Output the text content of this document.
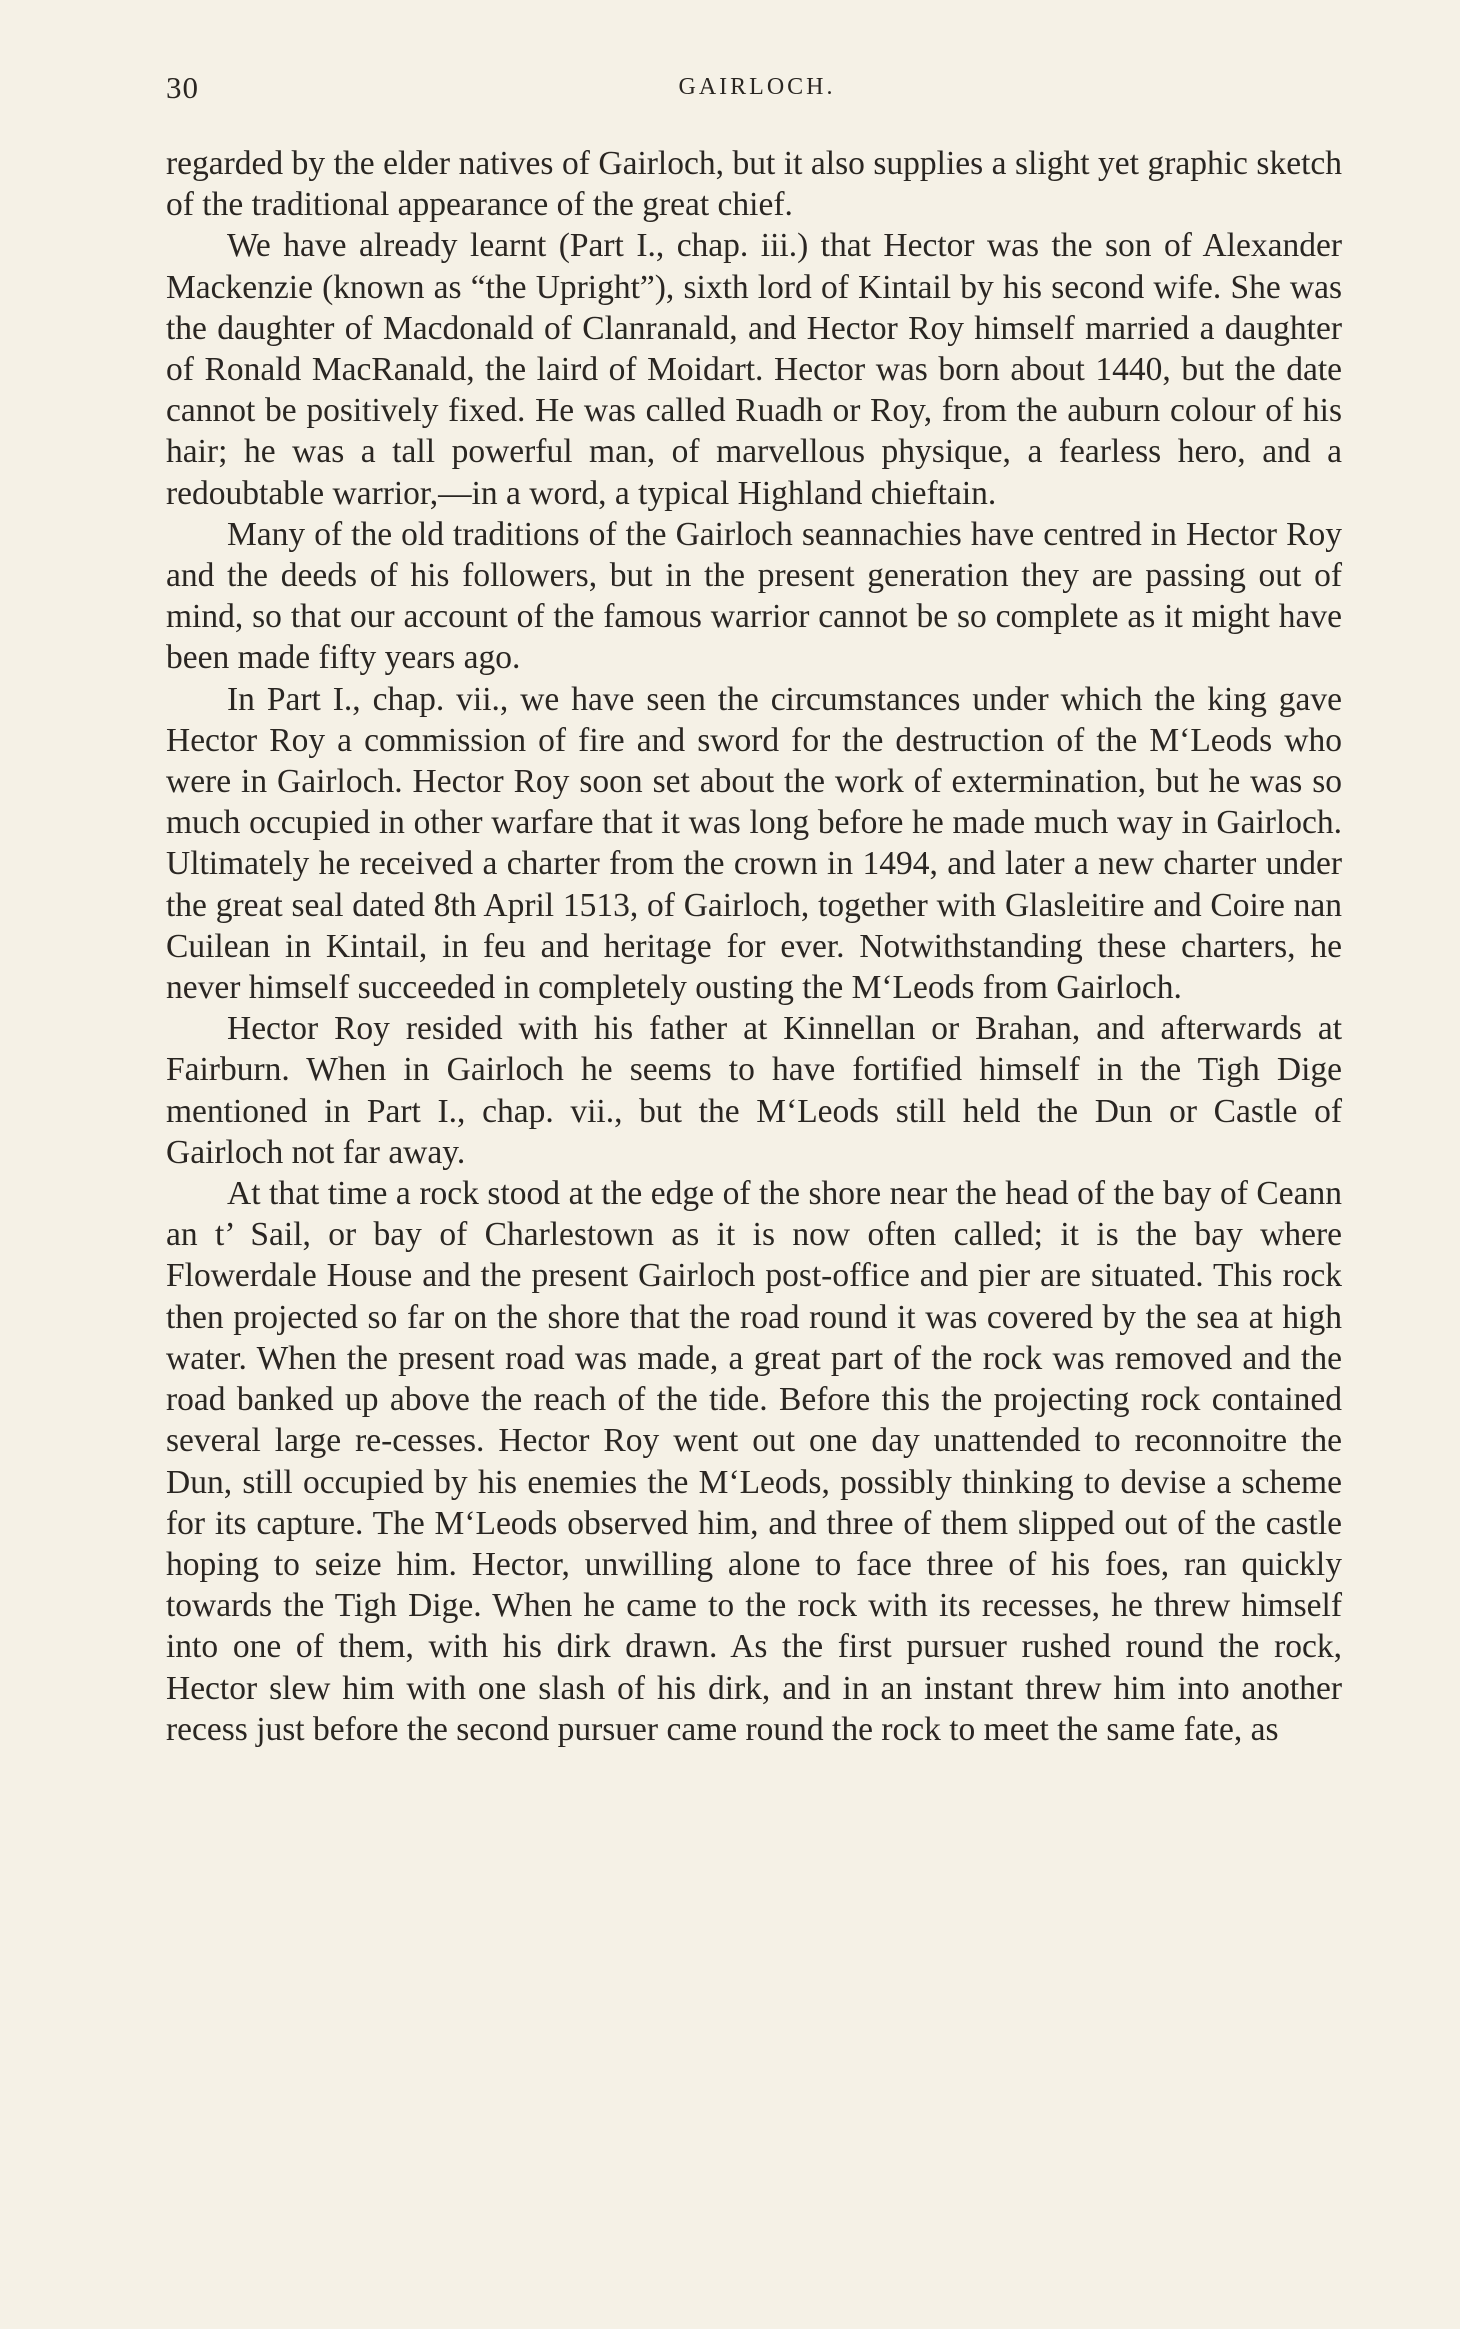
30	GAIRLOCH.

regarded by the elder natives of Gairloch, but it also supplies a slight yet graphic sketch of the traditional appearance of the great chief.

We have already learnt (Part I., chap. iii.) that Hector was the son of Alexander Mackenzie (known as “the Upright”), sixth lord of Kintail by his second wife. She was the daughter of Macdonald of Clanranald, and Hector Roy himself married a daughter of Ronald MacRanald, the laird of Moidart. Hector was born about 1440, but the date cannot be positively fixed. He was called Ruadh or Roy, from the auburn colour of his hair; he was a tall powerful man, of marvellous physique, a fearless hero, and a redoubtable warrior,—in a word, a typical Highland chieftain.

Many of the old traditions of the Gairloch seannachies have centred in Hector Roy and the deeds of his followers, but in the present generation they are passing out of mind, so that our account of the famous warrior cannot be so complete as it might have been made fifty years ago.

In Part I., chap. vii., we have seen the circumstances under which the king gave Hector Roy a commission of fire and sword for the destruction of the M‘Leods who were in Gairloch. Hector Roy soon set about the work of extermination, but he was so much occupied in other warfare that it was long before he made much way in Gairloch. Ultimately he received a charter from the crown in 1494, and later a new charter under the great seal dated 8th April 1513, of Gairloch, together with Glasleitire and Coire nan Cuilean in Kintail, in feu and heritage for ever. Notwithstanding these charters, he never himself succeeded in completely ousting the M‘Leods from Gairloch.

Hector Roy resided with his father at Kinnellan or Brahan, and afterwards at Fairburn. When in Gairloch he seems to have fortified himself in the Tigh Dige mentioned in Part I., chap. vii., but the M‘Leods still held the Dun or Castle of Gairloch not far away.

At that time a rock stood at the edge of the shore near the head of the bay of Ceann an t’ Sail, or bay of Charlestown as it is now often called; it is the bay where Flowerdale House and the present Gairloch post-office and pier are situated. This rock then projected so far on the shore that the road round it was covered by the sea at high water. When the present road was made, a great part of the rock was removed and the road banked up above the reach of the tide. Before this the projecting rock contained several large re-cesses. Hector Roy went out one day unattended to reconnoitre the Dun, still occupied by his enemies the M‘Leods, possibly thinking to devise a scheme for its capture. The M‘Leods observed him, and three of them slipped out of the castle hoping to seize him. Hector, unwilling alone to face three of his foes, ran quickly towards the Tigh Dige. When he came to the rock with its recesses, he threw himself into one of them, with his dirk drawn. As the first pursuer rushed round the rock, Hector slew him with one slash of his dirk, and in an instant threw him into another recess just before the second pursuer came round the rock to meet the same fate, as
